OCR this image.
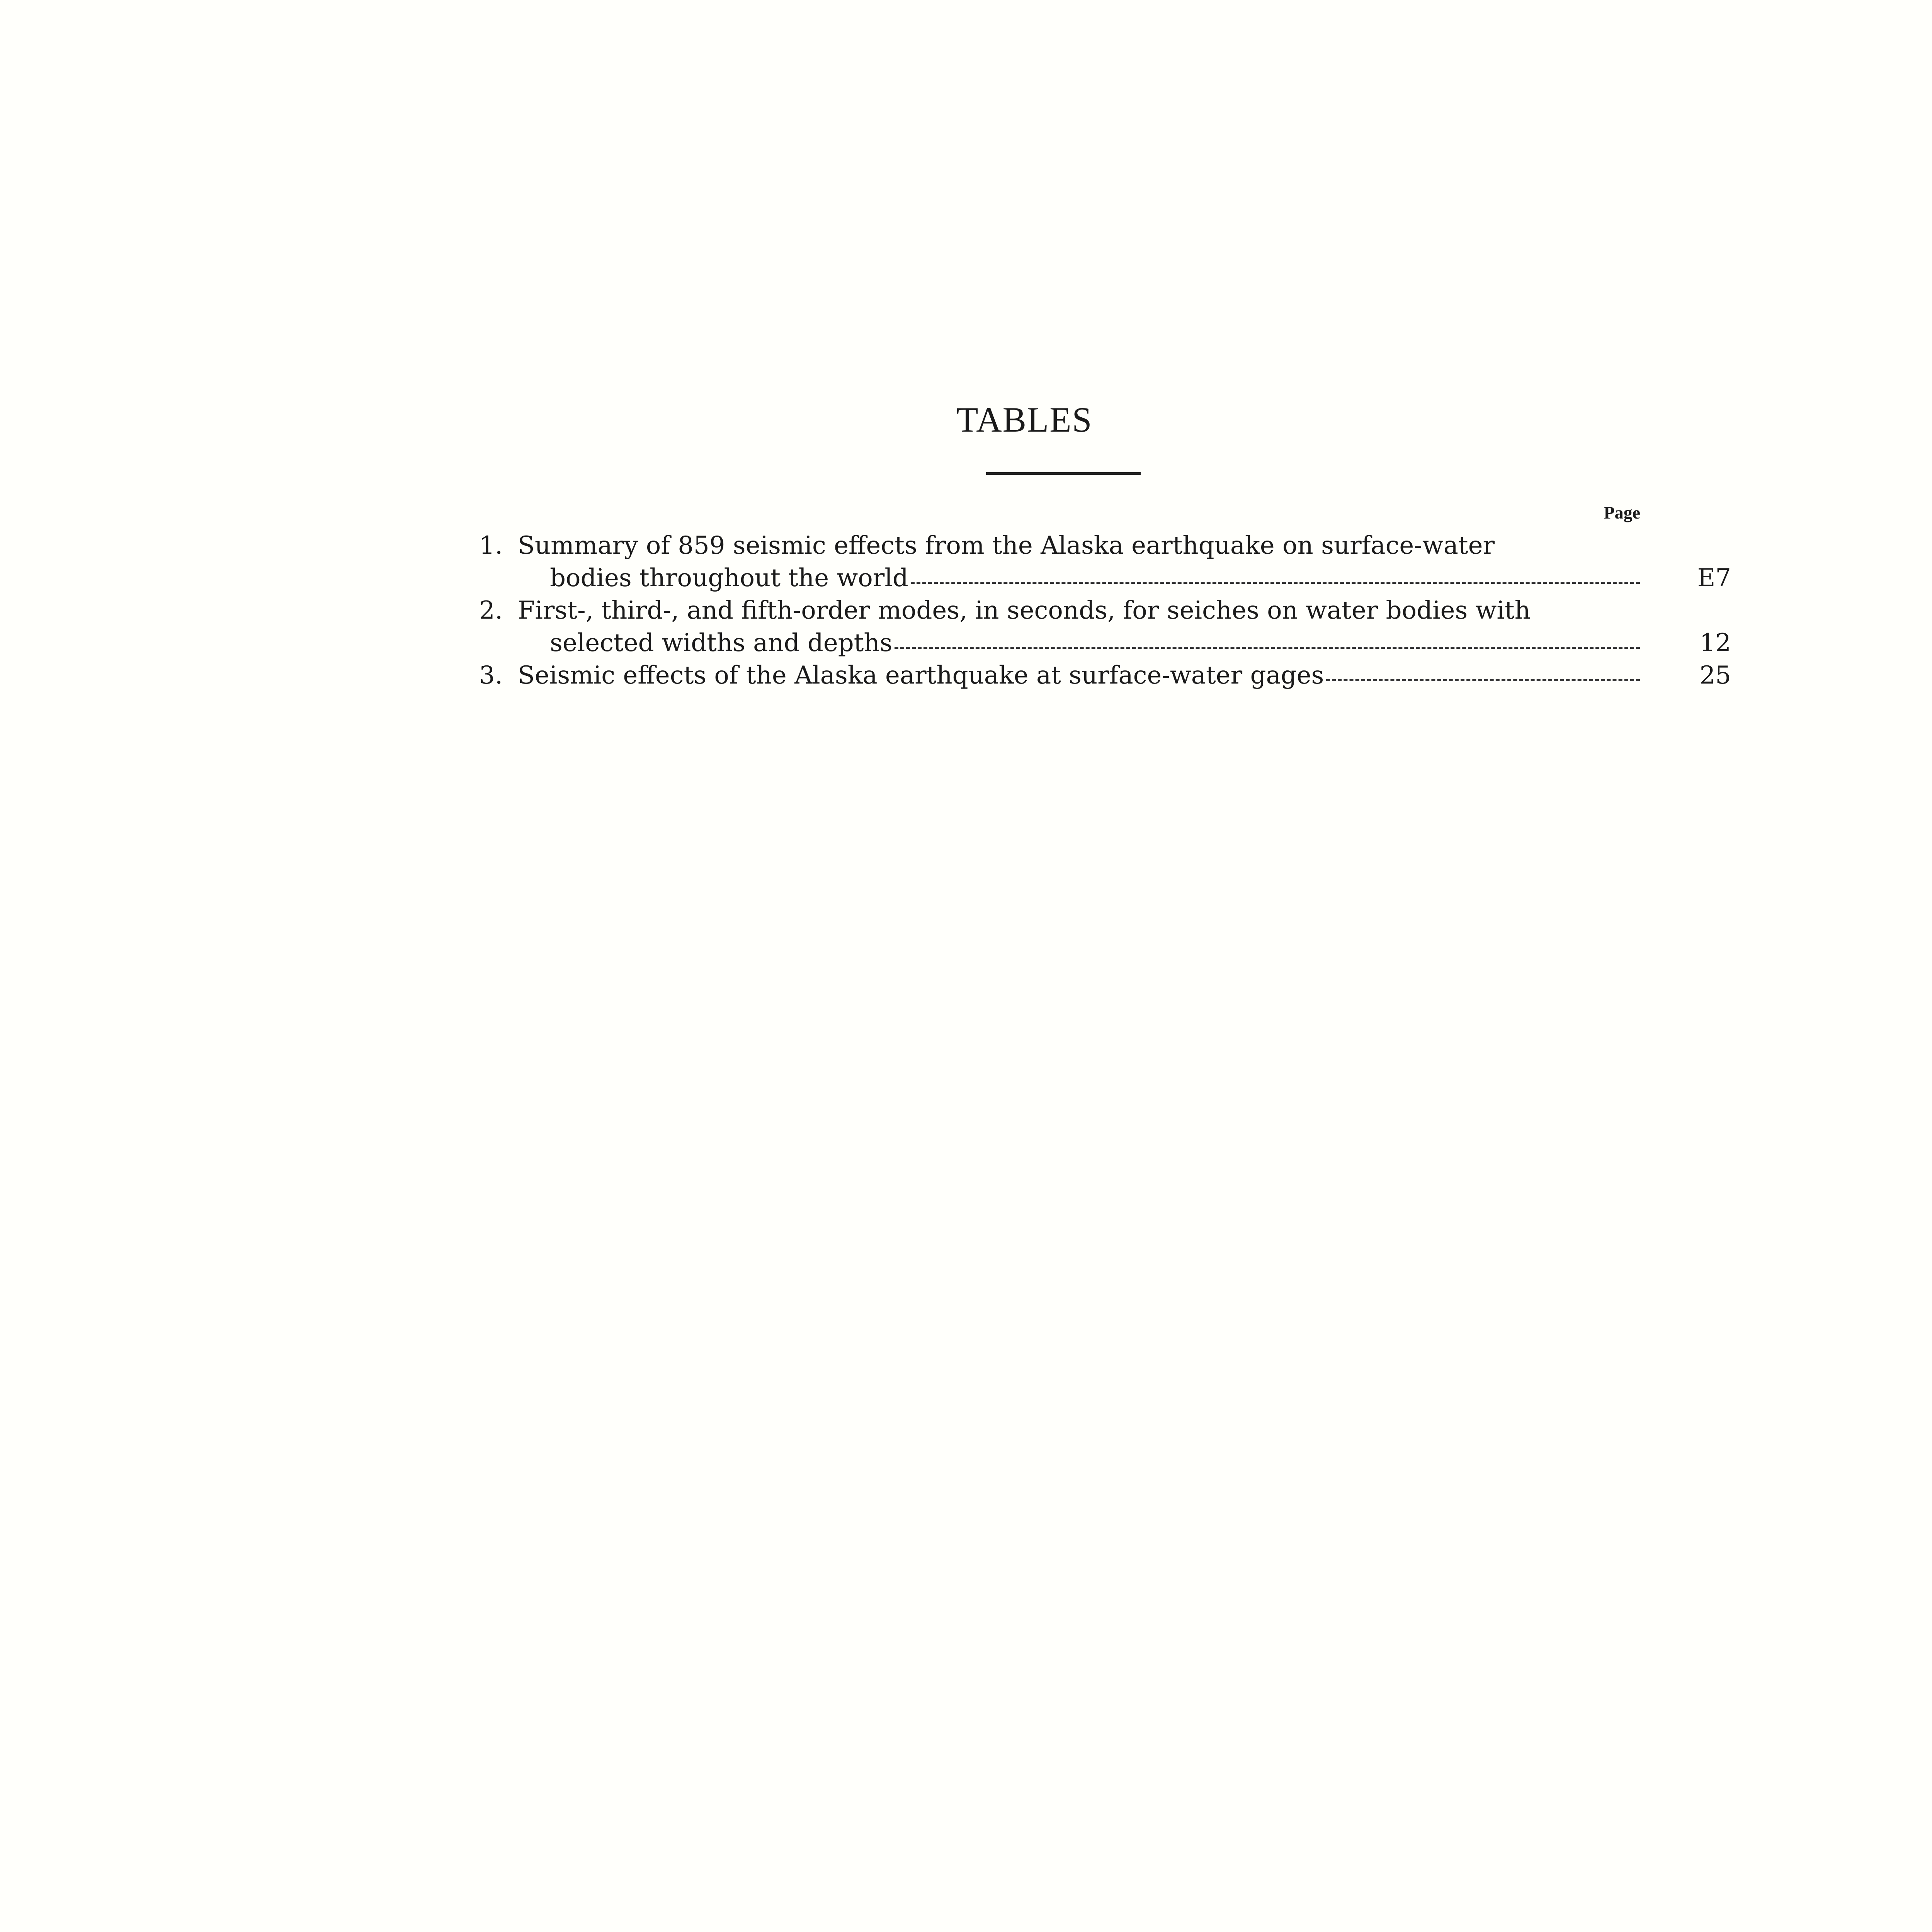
TABLES
Page
1. Summary of 859 seismic effects from the Alaska earthquake on surface-water
bodies throughout the world	E7
2. First-, third-, and fifth-order modes, in seconds, for seiches on water bodies with
selected widths and depths	12
3. Seismic effects of the Alaska earthquake at surface-water gages	25
